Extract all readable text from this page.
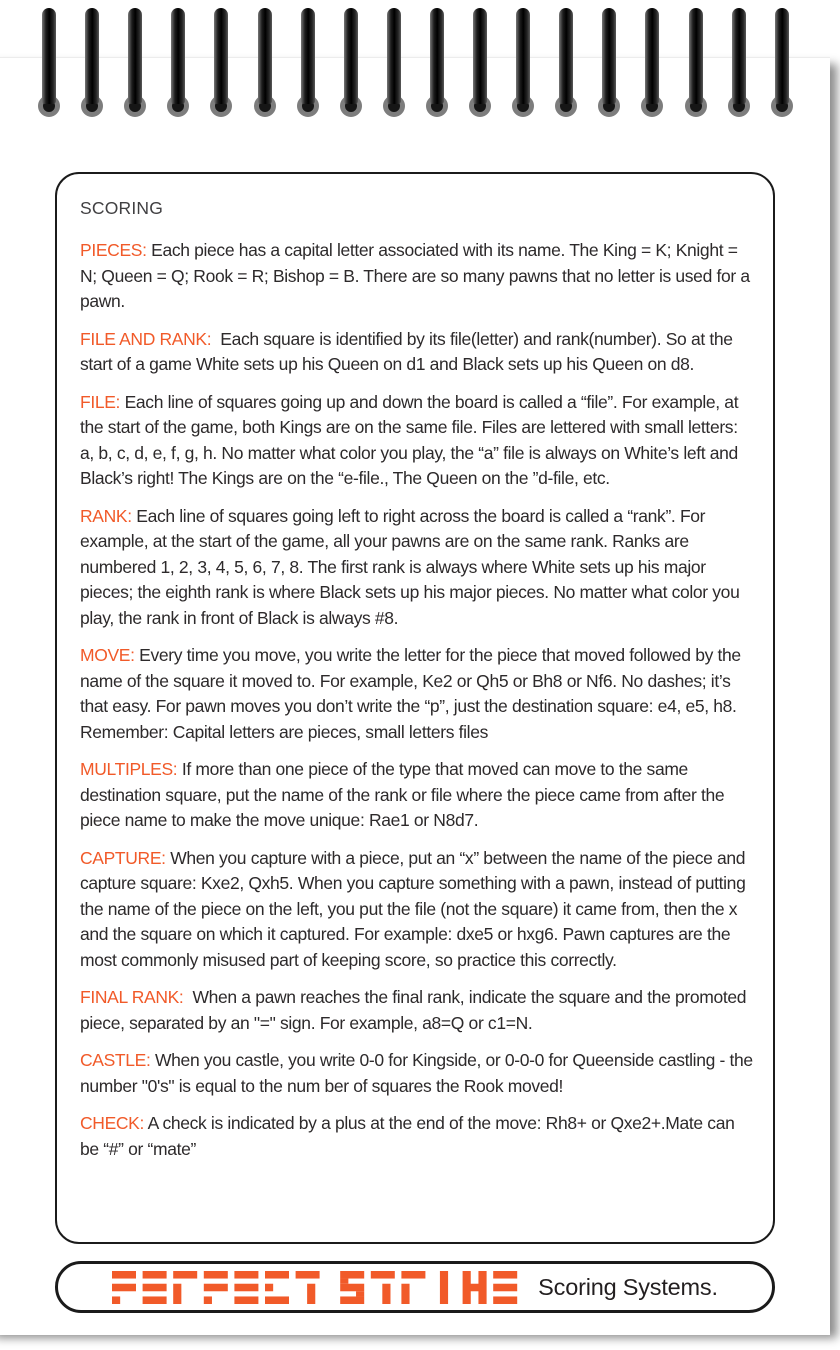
SCORING

PIECES: Each piece has a capital letter associated with its name. The King = K; Knight = N; Queen = Q; Rook = R; Bishop = B. There are so many pawns that no letter is used for a pawn.

FILE AND RANK:  Each square is identified by its file(letter) and rank(number). So at the start of a game White sets up his Queen on d1 and Black sets up his Queen on d8.

FILE: Each line of squares going up and down the board is called a “file”. For example, at the start of the game, both Kings are on the same file. Files are lettered with small letters: a, b, c, d, e, f, g, h. No matter what color you play, the “a” file is always on White’s left and Black’s right! The Kings are on the “e-file., The Queen on the ”d-file, etc.

RANK: Each line of squares going left to right across the board is called a “rank”. For example, at the start of the game, all your pawns are on the same rank. Ranks are numbered 1, 2, 3, 4, 5, 6, 7, 8. The first rank is always where White sets up his major pieces; the eighth rank is where Black sets up his major pieces. No matter what color you play, the rank in front of Black is always #8.

MOVE: Every time you move, you write the letter for the piece that moved followed by the name of the square it moved to. For example, Ke2 or Qh5 or Bh8 or Nf6. No dashes; it’s that easy. For pawn moves you don’t write the “p”, just the destination square: e4, e5, h8. Remember: Capital letters are pieces, small letters files

MULTIPLES: If more than one piece of the type that moved can move to the same destination square, put the name of the rank or file where the piece came from after the piece name to make the move unique: Rae1 or N8d7.

CAPTURE: When you capture with a piece, put an “x” between the name of the piece and capture square: Kxe2, Qxh5. When you capture something with a pawn, instead of putting the name of the piece on the left, you put the file (not the square) it came from, then the x and the square on which it captured. For example: dxe5 or hxg6. Pawn captures are the most commonly misused part of keeping score, so practice this correctly.

FINAL RANK:  When a pawn reaches the final rank, indicate the square and the promoted piece, separated by an "=" sign. For example, a8=Q or c1=N.

CASTLE: When you castle, you write 0-0 for Kingside, or 0-0-0 for Queenside castling - the number "0's" is equal to the num ber of squares the Rook moved!

CHECK: A check is indicated by a plus at the end of the move: Rh8+ or Qxe2+.Mate can be “#” or “mate”

Scoring Systems.
